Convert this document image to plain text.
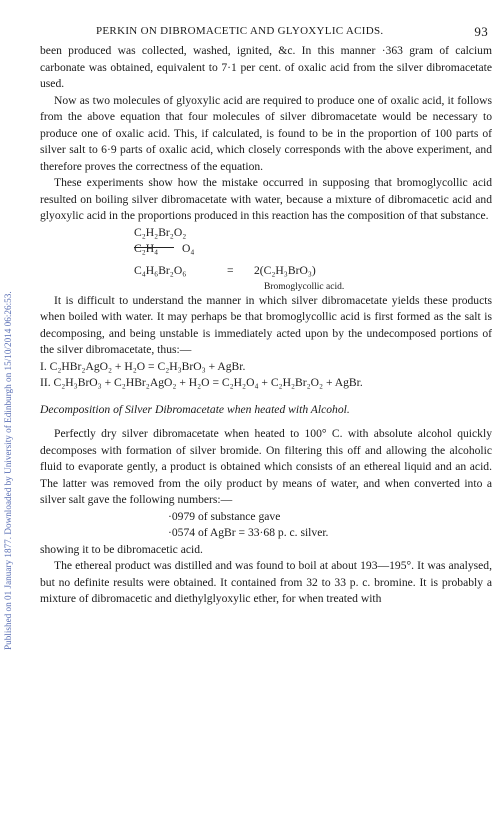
Published on 01 January 1877. Downloaded by University of Edinburgh on 15/10/2014 06:26:53.
PERKIN ON DIBROMACETIC AND GLYOXYLIC ACIDS.	93

been produced was collected, washed, ignited, &c. In this manner ·363 gram of calcium carbonate was obtained, equivalent to 7·1 per cent. of oxalic acid from the silver dibromacetate used.

Now as two molecules of glyoxylic acid are required to produce one of oxalic acid, it follows from the above equation that four molecules of silver dibromacetate would be necessary to produce one of oxalic acid. This, if calculated, is found to be in the proportion of 100 parts of silver salt to 6·9 parts of oxalic acid, which closely corresponds with the above experiment, and therefore proves the correctness of the equation.

These experiments show how the mistake occurred in supposing that bromoglycollic acid resulted on boiling silver dibromacetate with water, because a mixture of dibromacetic acid and glyoxylic acid in the proportions produced in this reaction has the composition of that substance.

C₂H₂Br₂O₂
C₂H₄ O₄
C₄H₆Br₂O₆	= 2(C₂H₃BrO₃)
Bromoglycollic acid.

It is difficult to understand the manner in which silver dibromacetate yields these products when boiled with water. It may perhaps be that bromoglycollic acid is first formed as the salt is decomposing, and being unstable is immediately acted upon by the undecomposed portions of the silver dibromacetate, thus:—

I. C₂HBr₂AgO₂ + H₂O = C₂H₃BrO₃ + AgBr.

II. C₂H₃BrO₃ + C₂HBr₂AgO₂ + H₂O = C₂H₂O₄ + C₂H₂Br₂O₂ + AgBr.

Decomposition of Silver Dibromacetate when heated with Alcohol.

Perfectly dry silver dibromacetate when heated to 100° C. with absolute alcohol quickly decomposes with formation of silver bromide. On filtering this off and allowing the alcoholic fluid to evaporate gently, a product is obtained which consists of an ethereal liquid and an acid. The latter was removed from the oily product by means of water, and when converted into a silver salt gave the following numbers:—

·0979 of substance gave

·0574 of AgBr = 33·68 p. c. silver.

showing it to be dibromacetic acid.

The ethereal product was distilled and was found to boil at about 193—195°. It was analysed, but no definite results were obtained. It contained from 32 to 33 p. c. bromine. It is probably a mixture of dibromacetic and diethylglyoxylic ether, for when treated with
